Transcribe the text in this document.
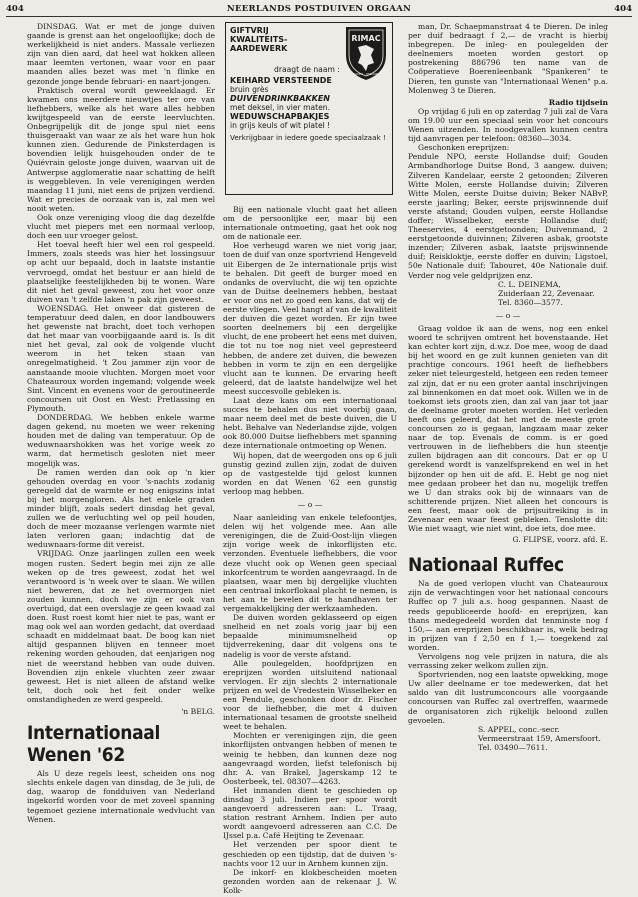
404	NEERLANDS POSTDUIVEN ORGAAN	404

DINSDAG. Wat er met de jonge duiven gaande is grenst aan het ongelooflijke; doch de werkelijkheid is niet anders. Massale verliezen zijn van dien aard, dat heel wat hokken alleen maar leemten vertonen, waar voor en paar maanden alles bezet was met 'n flinke en gezonde jonge bende februari- en naart-jongen.

Praktisch overal wordt geweeklaagd. Er kwamen ons meerdere nieuwtjes ter ore van liefhebbers, welke als het ware alles hebben kwijtgespeeld van de eerste leervluchten. Onbegrijpelijk dit de jonge spul niet eens thuisgeraakt van waar ze als het ware hun hok kunnen zien. Gedurende de Pinksterdagen is bovendien lelijk huisgehouden onder de te Quiévrain geloste jonge duiven, waarvan uit de Antwerpse agglomeratie naar schatting de helft is weggebleven. In vele verenigingen werden maandag 11 juni, niet eens de prijzen verdiend. Wat er precies de oorzaak van is, zal men wel nooit weten.

Ook onze vereniging vloog die dag dezelfde vlucht met piepers met een normaal verloop, doch een uur vroeger gelost.

Het toeval heeft hier wel een rol gespeeld. Immers, zoals steeds was hier het lossingsuur op acht uur bepaald, doch in laatste instantie vervroegd, omdat het bestuur er aan hield de plaatselijke feestelijkheden bij te wonen. Ware dit niet het geval geweest, zou het voor onze duiven van 't zelfde laken 'n pak zijn geweest.

WOENSDAG. Het onweer dat gisteren de temperatuur deed dalen, en door landbouwers het gewenste nat bracht, doet toch verhopen dat het maar van voorbijgaande aard is. Is dit niet het geval, zal ook de volgende vlucht weerom in het teken staan van onregelmatigheid. 't Zou jammer zijn voor de aanstaande mooie vluchten. Morgen moet voor Chateauroux worden ingemand; volgende week Sint. Vincent en evenens voor de geroutineerde concoursen uit Oost en West: Pretlassing en Plymouth.

DONDERDAG. We hebben enkele warme dagen gekend, nu moeten we weer rekening houden met de daling van temperatuur. Op de weduwnaarshokken was het vorige week zo warm, dat hermetisch gesloten niet meer mogelijk was.

De ramen werden dan ook op 'n kier gehouden overdag en voor 's-nachts zodanig geregeld dat de warmte er nog enigszins intat bij het morgengloren. Als het enkele graden minder blijft, zoals sedert dinsdag het geval, zullen we de verluchting wel op peil houden, doch de meer mozaanse verlengen warmte niet laten verloren gaan; indachtig dat de weduwnaars-forme dit vereist.

VRIJDAG. Onze jaarlingen zullen een week mogen rusten. Sedert begin mei zijn ze alle weken op de tres geweest, zodat het wel verantwoord is 'n week over te slaan. We willen niet beweren, dat ze het overmorgen niet zouden kunnen, doch we zijn er ook van overtuigd, dat een overslagje ze geen kwaad zal doen. Rust roest komt hier niet te pas, want er mag ook wel aan worden gedacht, dat overdaad schaadt en middelmaat baat. De boog kan niet altijd gespannen blijven en tenneer moet rekening worden gehouden, dat eenjarigen nog niet de weerstand hebben van oude duiven. Bovendien zijn enkele vluchten zeer zwaar geweest. Het is niet alleen de afstand welke telt, doch ook het feit onder welke omstandigheden ze werd gespeeld.

'n BELG.

Internationaal Wenen '62

Als U deze regels leest, scheiden ons nog slechts enkele dagen van dinsdag, de 3e juli, de dag, waarop de fondduiven van Nederland ingekorfd worden voor de met zoveel spanning tegemoet geziene internationale wedvlucht van Wenen.

RIMAC
GOUDA · HOLLAND
GIFTVRIJ
KWALITEITS-
AARDEWERK
draagt de naam :
KEIHARD VERSTEENDE
bruin grès
DUIVENDRINKBAKKEN
met deksel, in vier maten.
WEDUWSCHAPBAKJES
in grijs keuls of wit platel !
Verkrijgbaar in iedere goede speciaalzaak !

Bij een nationale vlucht gaat het alleen om de persoonlijke eer, maar bij een internationale ontmoeting, gaat het ook nog om de nationale eer.

Hoe verheugd waren we niet vorig jaar, toen de duif van onze sportvriend Hengeveld uit Eibergen de 2e internationale prijs wist te behalen. Dit geeft de burger moed en ondanks de overvlucht, die wij ten opzichte van de Duitse deelnemers hebben, bestaat er voor ons net zo goed een kans, dat wij de eerste vliegen. Veel hangt af van de kwaliteit der duiven die gezet worden. Er zijn twee soorten deelnemers bij een dergelijke vlucht, de ene probeert het eens met duiven, die tot nu toe nog niet veel gepresteerd hebben, de andere zet duiven, die bewezen hebben in vorm te zijn en een dergelijke vlucht aan te kunnen. De ervaring heeft geleerd, dat de laatste handelwijze wel het meest succesvolle gebleken is.

Laat deze kans om een internationaal succes te behalen dus niet voorbij gaan, maar neem deel met de beste duiven, die U hebt. Behalve van Nederlandse zijde, volgen ook 80.000 Duitse liefhebbers met spanning deze internationale ontmoeting op Wenen.

Wij hopen, dat de weergoden ons op 6 juli gunstig gezind zullen zijn, zodat de duiven op de vastgestelde tijd gelost kunnen worden en dat Wenen '62 een gunstig verloop mag hebben.

— o —

Naar aanleiding van enkele telefoontjes, delen wij het volgende mee. Aan alle verenigingen, die de Zuid-Oost-lijn vliegen zijn vorige week de inkorflijsten etc. verzonden. Eventuele liefhebbers, die voor deze vlucht ook op Wenen geen speciaal inkorfcentrum te worden aangevraagd. In de plaatsen, waar men bij dergelijke vluchten een centraal inkorflokaal placht te nemen, is het aan te bevelen dit te handhaven ter vergemakkelijking der werkzaamheden.

De duiven worden geklasseerd op eigen snelheid en net zoals vorig jaar bij een bepaalde minimumsnelheid op tijdverrekening, daar dit volgens ons te nadelig is voor de verste afstand.

Alle poulegelden, hoofdprijzen en ereprijzen worden uitsluitend nationaal vervlogen. Er zijn slechts 2 internationale prijzen en wel de Vredestein Wisselbeker en een Pendule, geschonken door dr. Fischer voor de liefhebber, die met 4 duiven internationaal tesamen de grootste snelheid weet te behalen.

Mochten er verenigingen zijn, die geen inkorflijsten ontvangen hebben of menen te weinig te hebben, dan kunnen deze nog aangevraagd worden, liefst telefonisch bij dhr. A. van Brakel, Jagerskamp 12 te Oosterbeek, tel. 08307—4263.

Het inmanden dient te geschieden op dinsdag 3 juli. Indien per spoor wordt aangevoerd adresseren aan: L. Traag, station restrant Arnhem. Indien per auto wordt aangevoerd adresseren aan C.C. De IJssel p.a. Café Heijting te Zevenaar.

Het verzenden per spoor dient te geschieden op een tijdstip, dat de duiven 's-nachts voor 12 uur in Arnhem kunnen zijn.

De inkorf- en klokbescheiden moeten gezonden worden aan de rekenaar J. W. Kolk-

man, Dr. Schaepmanstraat 4 te Dieren. De inleg per duif bedraagt f 2,— de vracht is hierbij inbegrepen. De inleg- en poulegelden der deelnemers moeten worden gestort op postrekening 886796 ten name van de Coöperatieve Boerenleenbank "Spankeren" te Dieren, ten gunste van "Internationaal Wenen" p.a. Molenweg 3 te Dieren.

Radio tijdsein

Op vrijdag 6 juli en op zaterdag 7 juli zal de Vara om 19.00 uur een speciaal sein voor het concours Wenen uitzenden. In noodgevallen kunnen centra tijd aanvragen per telefoon: 08360—3034.

Geschonken ereprijzen:

Pendule NPO, eerste Hollandse duif; Gouden Armbandhorloge Duitse Bond, 3 aangew. duiven; Zilveren Kandelaar, eerste 2 getoonden; Zilveren Witte Molen, eerste Hollandse duivin; Zilveren Witte Molen, eerste Duitse duivin; Beker NABvP, eerste jaarling; Beker, eerste prijswinnende duif verste afstand; Gouden vulpen, eerste Hollandse doffer; Wisselbeker, eerste Hollandse duif; Theeservies, 4 eerstgetoonden; Duivenmand, 2 eerstgetoonde duivinnen; Zilveren asbak, grootste inzender; Zilveren asbak, laatste prijswinnende duif; Reiskloktje, eerste doffer en duivin; Ligstoel, 50e Nationale duif; Tabouret, 40e Nationale duif. Verder nog vele geldprijzen enz.

C. L. DEINEMA,

Zuiderlaan 22, Zevenaar.

Tel. 8360—3577.

— o —

Graag voldoe ik aan de wens, nog een enkel woord te schrijven omtrent het bovenstaande. Het kan echter kort zijn, d.w.z. Doe mee, woog de daad bij het woord en ge zult kunnen genieten van dit prachtige concours. 1961 heeft de liefhebbers zeker niet teleurgesteld, hetgeen een reden temeer zal zijn, dat er nu een groter aantal inschrijvingen zal binnenkomen en dat moet ook. Willen we in de toekomst iets groots zien, dan zal van jaar tot jaar de deelname groter moeten worden. Het verleden heeft ons geleerd, dat het met de meeste grote concoursen zo is gegaan, langzaam maar zeker naar de top. Evenals de comm. is er goed vertrouwen in de liefhebbers die hun steentje zullen bijdragen aan dit concours. Dat er op U gerekend wordt is vanzelfsprekend en wel in het bijzonder op hen uit de afd. E. Hebt ge nog niet mee gedaan probeer het dan nu, mogelijk treffen we U dan straks ook bij de winnaars van de schitterende prijzen. Niet alleen het concours is een feest, maar ook de prijsuitreiking is in Zevenaar een waar feest gebleken. Tenslotte dit: Wie niet waagt, wie niet wint, doe iets, doe mee.

G. FLIPSE, voorz. afd. E.

Nationaal Ruffec

Na de goed verlopen vlucht van Chateauroux zijn de verwachtingen voor het nationaal concours Ruffec op 7 juli a.s. hoog gespannen. Naast de reeds gepubliceerde hoofd- en ereprijzen, kan thans medegedeeld worden dat tenminste nog f 150,— aan ereprijzen beschikbaar is, welk bedrag in prijzen van f 2,50 en f 1,— toegekend zal worden.

Vervolgens nog vele prijzen in natura, die als verrassing zeker welkom zullen zijn.

Sportvrienden, nog een laatste opwekking, moge Uw aller deelname er toe medewerken, dat het saldo van dit lustrumconcours alle voorgaande concoursen van Ruffec zal overtreffen, waarmede de organisatoren zich rijkelijk beloond zullen gevoelen.

S. APPEL, conc.-secr.

Vermeerstraat 159, Amersfoort.

Tel. 03490—7611.
